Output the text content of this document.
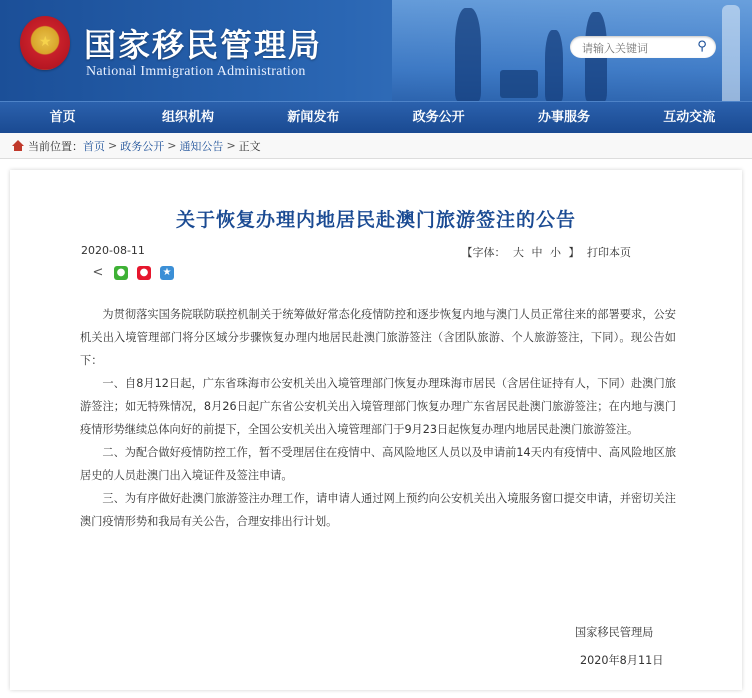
★ 国家移民管理局
National Immigration Administration
请输入关键词
⚲
首页	组织机构	新闻发布	政务公开	办事服务	互动交流
当前位置： 首页 > 政务公开 > 通知公告 > 正文
关于恢复办理内地居民赴澳门旅游签注的公告
2020-08-11	【字体： 大 中 小 】 打印本页
< ● ● ★

为贯彻落实国务院联防联控机制关于统筹做好常态化疫情防控和逐步恢复内地与澳门人员正常往来的部署要求，公安机关出入境管理部门将分区域分步骤恢复办理内地居民赴澳门旅游签注（含团队旅游、个人旅游签注，下同）。现公告如下：

一、自8月12日起，广东省珠海市公安机关出入境管理部门恢复办理珠海市居民（含居住证持有人，下同）赴澳门旅游签注；如无特殊情况，8月26日起广东省公安机关出入境管理部门恢复办理广东省居民赴澳门旅游签注；在内地与澳门疫情形势继续总体向好的前提下，全国公安机关出入境管理部门于9月23日起恢复办理内地居民赴澳门旅游签注。

二、为配合做好疫情防控工作，暂不受理居住在疫情中、高风险地区人员以及申请前14天内有疫情中、高风险地区旅居史的人员赴澳门出入境证件及签注申请。

三、为有序做好赴澳门旅游签注办理工作，请申请人通过网上预约向公安机关出入境服务窗口提交申请，并密切关注澳门疫情形势和我局有关公告，合理安排出行计划。

国家移民管理局
2020年8月11日
